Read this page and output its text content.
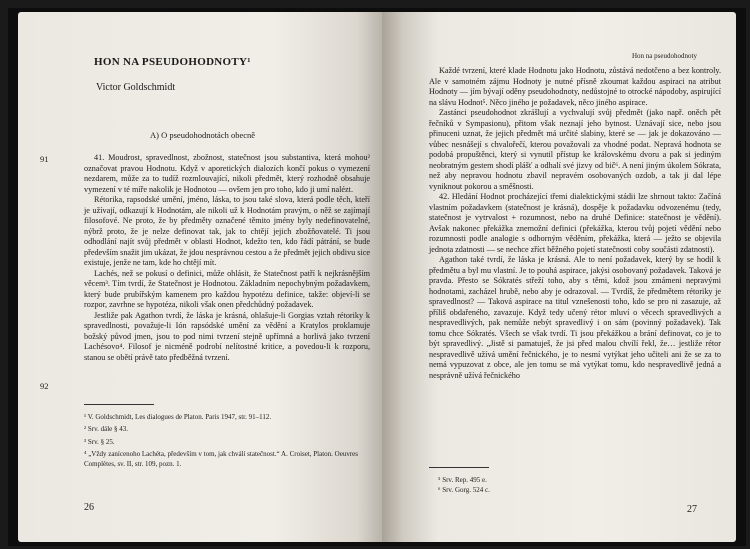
HON NA PSEUDOHODNOTY¹
Victor Goldschmidt
A) O pseudohodnotách obecně
91
92

41. Moudrost, spravedlnost, zbožnost, statečnost jsou substantiva, která mohou² označovat pravou Hodnotu. Když v aporetických dialozích končí pokus o vymezení nezdarem, může za to tudíž rozmlouvající, nikoli předmět, který rozhodně obsahuje vymezení v té míře nakolik je Hodnotou — ovšem jen pro toho, kdo ji umí nalézt.

Rétorika, rapsodské umění, jméno, láska, to jsou také slova, která podle těch, kteří je užívají, odkazují k Hodnotám, ale nikoli už k Hodnotám pravým, o něž se zajímají filosofové. Ne proto, že by předměty označené těmito jmény byly nedefinovatelné, nýbrž proto, že je nelze definovat tak, jak to chtějí jejich zbožňovatelé. Ti jsou odhodlání najít svůj předmět v oblasti Hodnot, kdežto ten, kdo řádí pátrání, se bude především snažit jim ukázat, že jdou nesprávnou cestou a že předmět jejich obdivu sice existuje, jenže ne tam, kde ho chtějí mít.

Lachés, než se pokusí o definici, může ohlásit, že Statečnost patří k nejkrásnějším věcem³. Tím tvrdí, že Statečnost je Hodnotou. Základním nepochybným požadavkem, který bude prubířským kamenem pro každou hypotézu definice, takže: objeví-li se rozpor, zavrhne se hypotéza, nikoli však onen předchůdný požadavek.

Jestliže pak Agathon tvrdí, že láska je krásná, ohlašuje-li Gorgias vztah rétoriky k spravedlnosti, považuje-li Ión rapsódské umění za vědění a Kratylos proklamuje božský původ jmen, jsou to pod nimi tvrzení stejně upřímná a horlivá jako tvrzení Lachésovo⁴. Filosof je nicméně podrobí nelítostné kritice, a povedou-li k rozporu, stanou se obětí právě tato předběžná tvrzení.

¹ V. Goldschmidt, Les dialogues de Platon. Paris 1947, str. 91–112.
² Srv. dále § 43.
³ Srv. § 25.
⁴ „Vždy zanícenoho Lachéta, především v tom, jak chválí statečnost.“ A. Croiset, Platon. Oeuvres Complètes, sv. II, str. 109, pozn. 1.
26
Hon na pseudohodnoty

Každé tvrzení, které klade Hodnotu jako Hodnotu, zůstává nedotčeno a bez kontroly. Ale v samotném zájmu Hodnoty je nutné přísně zkoumat každou aspiraci na atribut Hodnoty — jím bývají oděny pseudohodnoty, nedůstojné to otrocké nápodoby, aspirující na slávu Hodnot⁵. Něco jiného je požadavek, něco jiného aspirace.

Zastánci pseudohodnot zkrášlují a vychvalují svůj předmět (jako např. oněch pět řečníků v Sympasionu), přitom však neznají jeho bytnost. Uznávají sice, nebo jsou přinuceni uznat, že jejich předmět má určité slabiny, které se — jak je dokazováno — vůbec nesnášejí s chvalořečí, kterou považovali za vhodné podat. Nepravá hodnota se podobá propuštěnci, který si vynutil přístup ke královskému dvoru a pak si jediným neobratným gestem shodí plášť a odhalí své jizvy od bič⁶. A není jiným úkolem Sókrata, než aby nepravou hodnotu zbavil nepravém osobovaných ozdob, a tak ji dal lépe vyniknout pokorou a směšnosti.

42. Hledání Hodnot procházející třemi dialektickými stádii lze shrnout takto: Začíná vlastním požadavkem (statečnost je krásná), dospěje k požadavku odvozenému (tedy, statečnost je vytrvalost + rozumnost, nebo na druhé Definice: statečnost je vědění). Avšak nakonec překážka znemožní definici (překážka, kterou tvůj pojetí vědění nebo rozumnosti podle analogie s odborným věděním, překážka, která — ježto se objevila jednota zdatnosti — se nechce zříct běžného pojetí statečnosti coby součásti zdatnosti).

Agathon také tvrdí, že láska je krásná. Ale to není požadavek, který by se hodil k předmětu a byl mu vlastní. Je to pouhá aspirace, jakýsi osobovaný požadavek. Taková je pravda. Přesto se Sókratés střeží toho, aby s těmi, kdož jsou zmámeni nepravými hodnotami, zacházel hrubě, nebo aby je odrazoval. — Tvrdíš, že předmětem rétoriky je spravedlnost? — Taková aspirace na titul vznešenosti toho, kdo se pro ni zasazuje, až příliš obdařeného, zavazuje. Když tedy učený rétor mluví o věcech spravedlivých a nespravedlivých, pak nemůže nebýt spravedlivý i on sám (povinný požadavek). Tak tomu chce Sókratés. Všech se však tvrdí. Ti jsou překážkou a brání definovat, co je to být spravedlivý. „Jistě si pamatuješ, že jsi před malou chvílí řekl, že… jestliže rétor nespravedlivě užívá umění řečnického, je to nesmí vytýkat jeho učiteli ani že se za to nemá vypuzovat z obce, ale jen tomu se má vytýkat tomu, kdo nespravedlivě jedná a nesprávně užívá řečnického

⁵ Srv. Rep. 495 e.
⁶ Srv. Gorg. 524 c.
27
